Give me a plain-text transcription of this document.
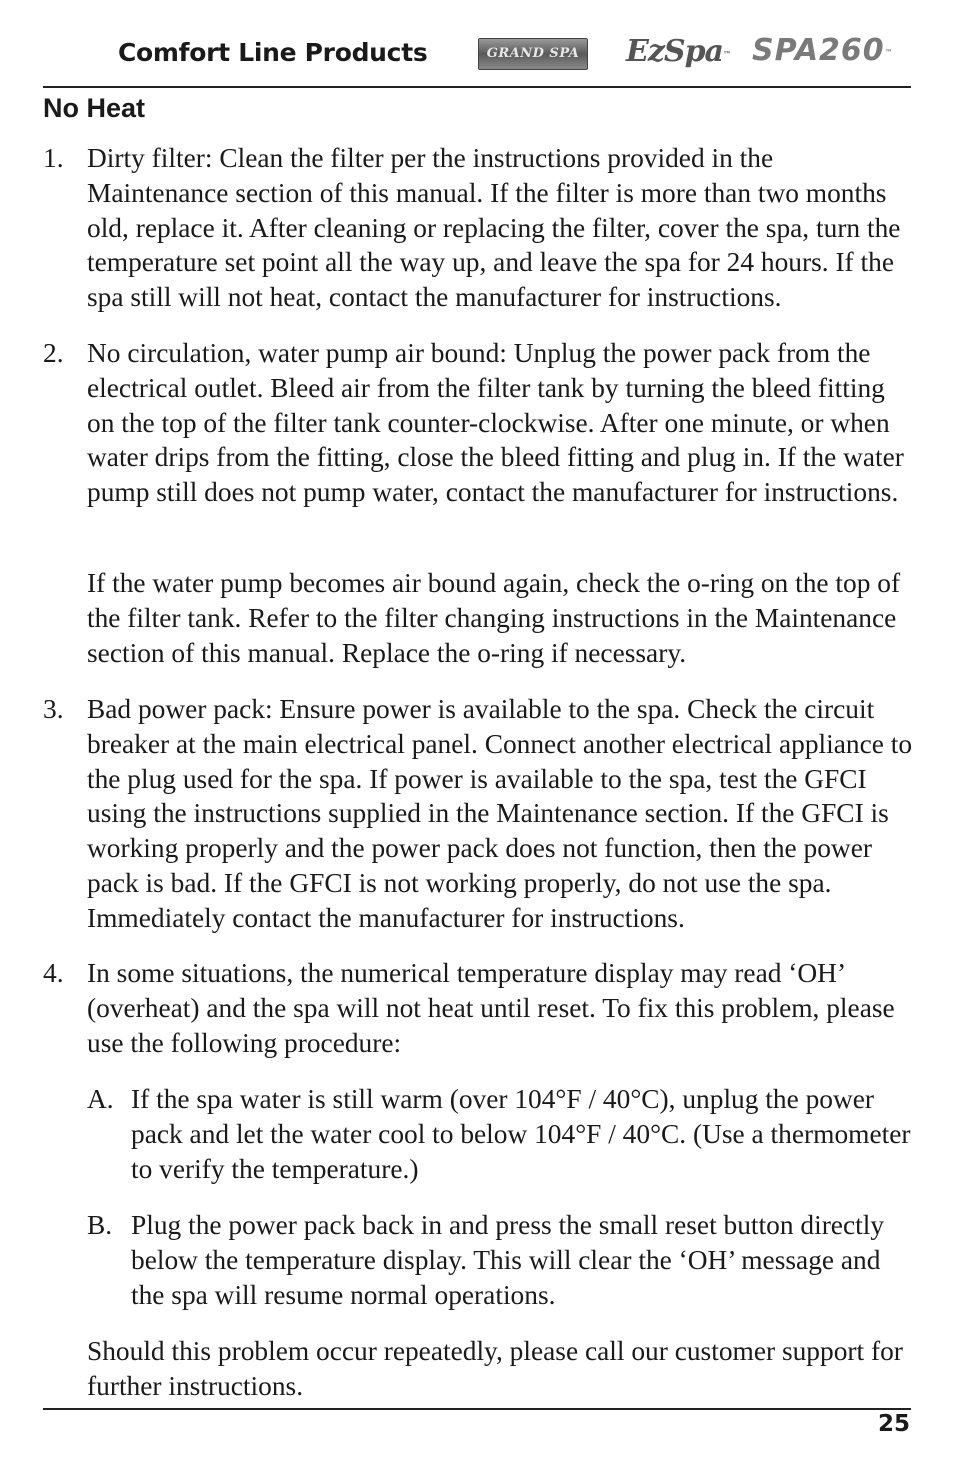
Comfort Line Products	GRAND SPA EzSpa™ SPA260™
No Heat
1. Dirty filter: Clean the filter per the instructions provided in the Maintenance section of this manual. If the filter is more than two months old, replace it. After cleaning or replacing the filter, cover the spa, turn the temperature set point all the way up, and leave the spa for 24 hours. If the spa still will not heat, contact the manufacturer for instructions.
2. No circulation, water pump air bound: Unplug the power pack from the electrical outlet. Bleed air from the filter tank by turning the bleed fitting on the top of the filter tank counter-clockwise. After one minute, or when water drips from the fitting, close the bleed fitting and plug in. If the water pump still does not pump water, contact the manufacturer for instructions.
If the water pump becomes air bound again, check the o-ring on the top of the filter tank. Refer to the filter changing instructions in the Maintenance section of this manual. Replace the o-ring if necessary.
3. Bad power pack: Ensure power is available to the spa. Check the circuit breaker at the main electrical panel. Connect another electrical appliance to the plug used for the spa. If power is available to the spa, test the GFCI using the instructions supplied in the Maintenance section. If the GFCI is working properly and the power pack does not function, then the power pack is bad. If the GFCI is not working properly, do not use the spa. Immediately contact the manufacturer for instructions.
4. In some situations, the numerical temperature display may read ‘OH’ (overheat) and the spa will not heat until reset. To fix this problem, please use the following procedure:
A. If the spa water is still warm (over 104°F / 40°C), unplug the power pack and let the water cool to below 104°F / 40°C. (Use a thermometer to verify the temperature.)
B. Plug the power pack back in and press the small reset button directly below the temperature display. This will clear the ‘OH’ message and the spa will resume normal operations.
Should this problem occur repeatedly, please call our customer support for further instructions.
25
